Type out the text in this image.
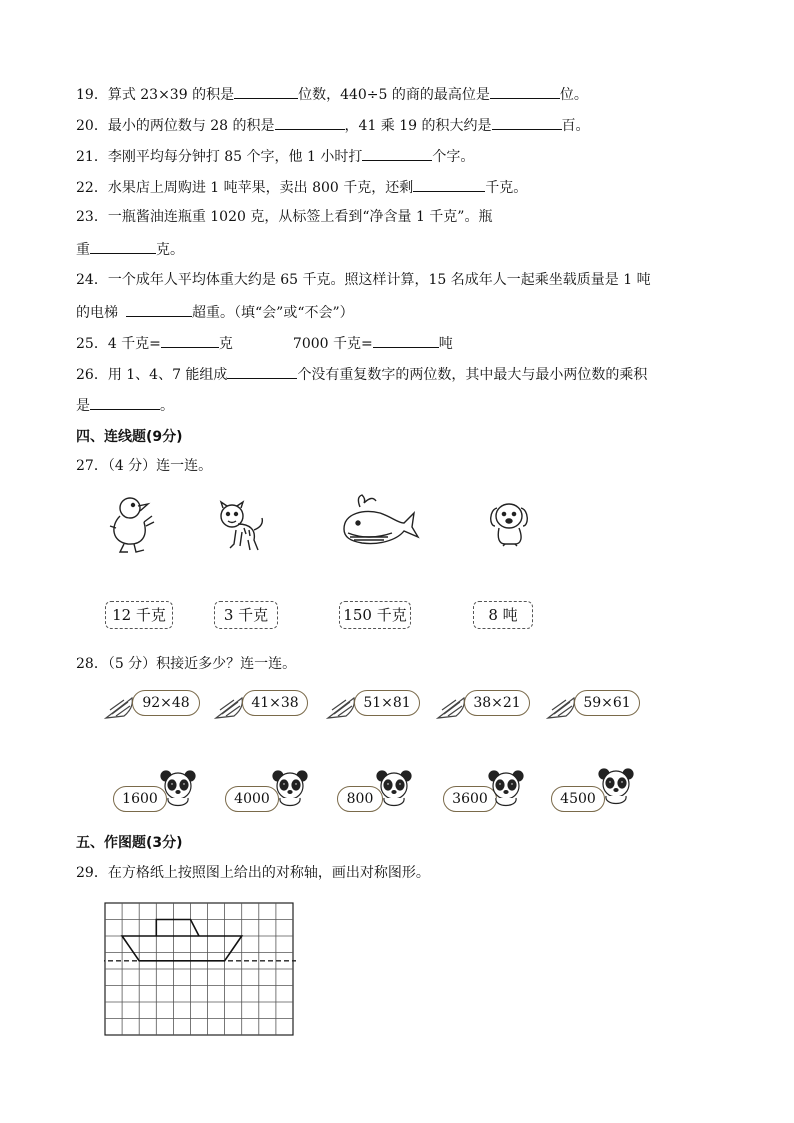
19．算式 23×39 的积是	位数，440÷5 的商的最高位是	位。
20．最小的两位数与 28 的积是	，41 乘 19 的积大约是	百。
21．李刚平均每分钟打 85 个字，他 1 小时打	个字。
22．水果店上周购进 1 吨苹果，卖出 800 千克，还剩	千克。
23．一瓶酱油连瓶重 1020 克，从标签上看到“净含量 1 千克”。瓶
重	克。
24．一个成年人平均体重大约是 65 千克。照这样计算，15 名成年人一起乘坐载质量是 1 吨
的电梯	超重。（填“会”或“不会”）
25．4 千克=	克	7000 千克=	吨
26．用 1、4、7 能组成	个没有重复数字的两位数，其中最大与最小两位数的乘积
是	。
四、连线题(9分)
27．（4 分）连一连。
12 千克	3 千克	150 千克	8 吨
28．（5 分）积接近多少？连一连。
92×48	41×38	51×81	38×21	59×61
1600	4000	800	3600	4500
五、作图题(3分)
29．在方格纸上按照图上给出的对称轴，画出对称图形。
